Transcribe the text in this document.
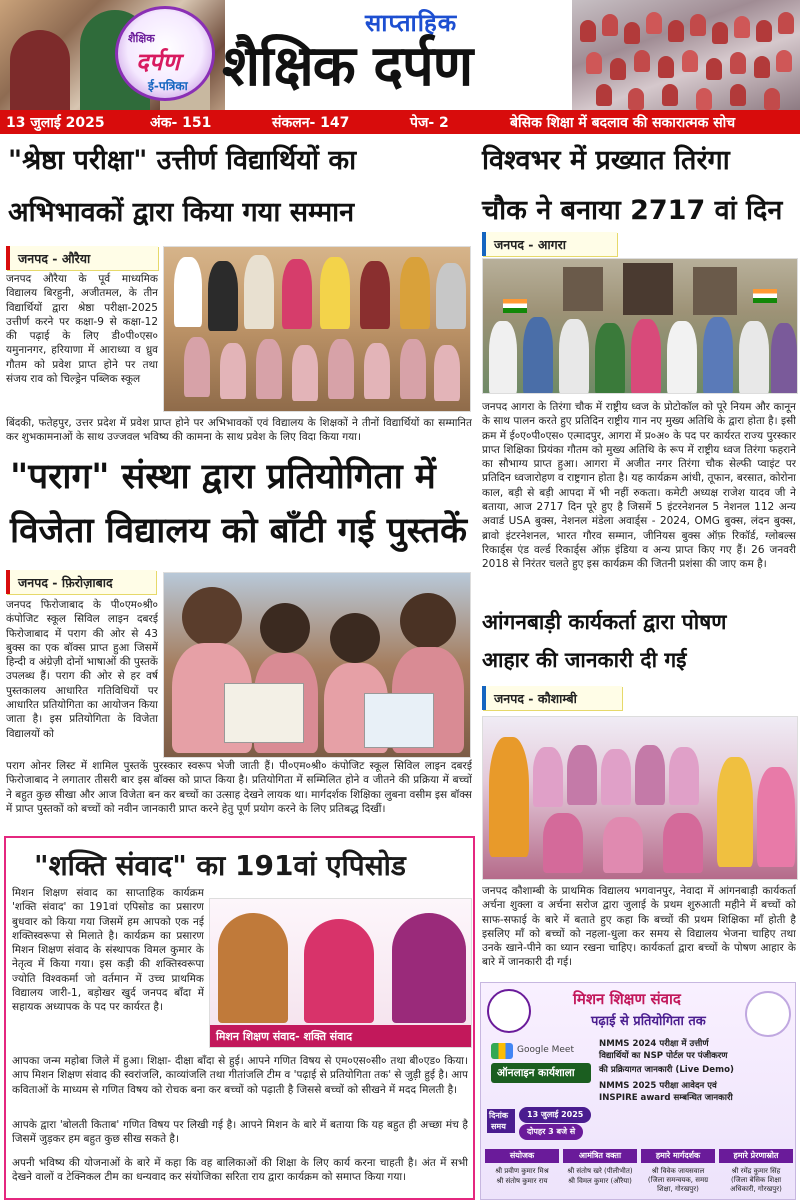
शैक्षिक
दर्पण
ई-पत्रिका
साप्ताहिक
शैक्षिक दर्पण
13 जुलाई 2025	अंक- 151	संकलन- 147	पेज- 2	बेसिक शिक्षा में बदलाव की सकारात्मक सोच
"श्रेष्ठा परीक्षा" उत्तीर्ण विद्यार्थियों का
अभिभावकों द्वारा किया गया सम्मान
जनपद - औरैया
जनपद औरैया के पूर्व माध्यमिक विद्यालय बिरहुनी, अजीतमल, के तीन विद्यार्थियों द्वारा श्रेष्ठा परीक्षा-2025 उत्तीर्ण करने पर कक्षा-9 से कक्षा-12 की पढ़ाई के लिए डी०पी०एस० यमुनानगर, हरियाणा में आराध्या व ध्रुव गौतम को प्रवेश प्राप्त होने पर तथा संजय राव को चिल्ड्रेन पब्लिक स्कूल
बिंदकी, फतेहपुर, उत्तर प्रदेश में प्रवेश प्राप्त होने पर अभिभावकों एवं विद्यालय के शिक्षकों ने तीनों विद्यार्थियों का सम्मानित कर शुभकामनाओं के साथ उज्जवल भविष्य की कामना के साथ प्रवेश के लिए विदा किया गया।
"पराग" संस्था द्वारा प्रतियोगिता में
विजेता विद्यालय को बाँटी गई पुस्तकें
जनपद - फ़िरोज़ाबाद
जनपद फिरोजाबाद के पी०एम०श्री० कंपोजिट स्कूल सिविल लाइन दबरई फिरोजाबाद में पराग की ओर से 43 बुक्स का एक बॉक्स प्राप्त हुआ जिसमें हिन्दी व अंग्रेज़ी दोनों भाषाओं की पुस्तकें उपलब्ध हैं। पराग की ओर से हर वर्ष पुस्तकालय आधारित गतिविधियों पर आधारित प्रतियोगिता का आयोजन किया जाता है। इस प्रतियोगिता के विजेता विद्यालयों को
पराग ओनर लिस्ट में शामिल पुस्तकें पुरस्कार स्वरूप भेजी जाती हैं। पी०एम०श्री० कंपोजिट स्कूल सिविल लाइन दबरई फिरोजाबाद ने लगातार तीसरी बार इस बॉक्स को प्राप्त किया है। प्रतियोगिता में सम्मिलित होने व जीतने की प्रक्रिया में बच्चों ने बहुत कुछ सीखा और आज विजेता बन कर बच्चों का उत्साह देखने लायक था। मार्गदर्शक शिक्षिका लुबना वसीम इस बॉक्स में प्राप्त पुस्तकों को बच्चों को नवीन जानकारी प्राप्त करने हेतु पूर्ण प्रयोग करने के लिए प्रतिबद्ध दिखीं।
विश्वभर में प्रख्यात तिरंगा
चौक ने बनाया 2717 वां दिन
जनपद - आगरा
जनपद आगरा के तिरंगा चौक में राष्ट्रीय ध्वज के प्रोटोकॉल को पूरे नियम और कानून के साथ पालन करते हुए प्रतिदिन राष्ट्रीय गान नए मुख्य अतिथि के द्वारा होता है। इसी क्रम में ई०ए०पी०एस० एत्मादपुर, आगरा में प्र०अ० के पद पर कार्यरत राज्य पुरस्कार प्राप्त शिक्षिका प्रियंका गौतम को मुख्य अतिथि के रूप में राष्ट्रीय ध्वज तिरंगा फहराने का सौभाग्य प्राप्त हुआ। आगरा में अजीत नगर तिरंगा चौक सेल्फी प्वाइंट पर प्रतिदिन ध्वजारोहण व राष्ट्रगान होता है। यह कार्यक्रम आंधी, तूफान, बरसात, कोरोना काल, बड़ी से बड़ी आपदा में भी नहीं रुकता। कमेटी अध्यक्ष राजेश यादव जी ने बताया, आज 2717 दिन पूरे हुए है जिसमें 5 इंटरनेशनल 5 नेशनल 112 अन्य अवार्ड USA बुक्स, नेशनल मंडेला अवार्ड्स - 2024, OMG बुक्स, लंदन बुक्स, ब्रावो इंटरनेशनल, भारत गौरव सम्मान, जीनियस बुक्स ऑफ़ रिकॉर्ड, ग्लोबल्स रिकार्ड्स एंड वर्ल्ड रिकार्ड्स ऑफ़ इंडिया व अन्य प्राप्त किए गए हैं। 26 जनवरी 2018 से निरंतर चलते हुए इस कार्यक्रम की जितनी प्रशंसा की जाए कम है।
आंगनबाड़ी कार्यकर्ता द्वारा पोषण
आहार की जानकारी दी गई
जनपद - कौशाम्बी
जनपद कौशाम्बी के प्राथमिक विद्यालय भगवानपुर, नेवादा में आंगनबाड़ी कार्यकर्ता अर्चना शुक्ला व अर्चना सरोज द्वारा जुलाई के प्रथम शुरुआती महीने में बच्चों को साफ-सफाई के बारे में बताते हुए कहा कि बच्चों की प्रथम शिक्षिका माँ होती है इसलिए माँ को बच्चों को नहला-धुला कर समय से विद्यालय भेजना चाहिए तथा उनके खाने-पीने का ध्यान रखना चाहिए। कार्यकर्ता द्वारा बच्चों के पोषण आहार के बारे में जानकारी दी गई।
"शक्ति संवाद" का 191वां एपिसोड
मिशन शिक्षण संवाद का साप्ताहिक कार्यक्रम 'शक्ति संवाद' का 191वां एपिसोड का प्रसारण बुधवार को किया गया जिसमें हम आपको एक नई शक्तिस्वरूपा से मिलाते है। कार्यक्रम का प्रसारण मिशन शिक्षण संवाद के संस्थापक विमल कुमार के नेतृत्व में किया गया। इस कड़ी की शक्तिस्वरूपा ज्योति विश्वकर्मा जो वर्तमान में उच्च प्राथमिक विद्यालय जारी-1, बड़ोखर खुर्द जनपद बाँदा में सहायक अध्यापक के पद पर कार्यरत है।
मिशन शिक्षण संवाद- शक्ति संवाद
आपका जन्म महोबा जिले में हुआ। शिक्षा- दीक्षा बाँदा से हुई। आपने गणित विषय से एम०एस०सी० तथा बी०एड० किया। आप मिशन शिक्षण संवाद की स्वरांजलि, काव्यांजलि तथा गीतांजलि टीम व 'पढ़ाई से प्रतियोगिता तक' से जुड़ी हुई है। आप कविताओं के माध्यम से गणित विषय को रोचक बना कर बच्चों को पढ़ाती है जिससे बच्चों को सीखने में मदद मिलती है।
आपके द्वारा 'बोलती किताब' गणित विषय पर लिखी गई है। आपने मिशन के बारे में बताया कि यह बहुत ही अच्छा मंच है जिसमें जुड़कर हम बहुत कुछ सीख सकते है।
अपनी भविष्य की योजनाओं के बारे में कहा कि वह बालिकाओं की शिक्षा के लिए कार्य करना चाहती है। अंत में सभी देखने वालों व टेक्निकल टीम का धन्यवाद कर संयोजिका सरिता राय द्वारा कार्यक्रम को समाप्त किया गया।
मिशन शिक्षण संवाद
पढ़ाई से प्रतियोगिता तक
Google Meet
ऑनलाइन कार्यशाला
NMMS 2024 परीक्षा में उत्तीर्ण
विद्यार्थियों का NSP पोर्टल पर पंजीकरण
की प्रक्रियागत जानकारी (Live Demo)
NMMS 2025 परीक्षा आवेदन एवं
INSPIRE award सम्बन्धित जानकारी
दिनांक
समय
13 जुलाई 2025
दोपहर 3 बजे से
संयोजक
श्री प्रवीण कुमार मिश्र
श्री संतोष कुमार राय
आमंत्रित वक्ता
श्री संतोष खरे (पीलीभीत)
श्री विमल कुमार (औरैया)
हमारे मार्गदर्शक
श्री विवेक जायसवाल
(जिला समन्वयक, समग्र
शिक्षा, गोरखपुर)
हमारे प्रेरणास्रोत
श्री रमेंद्र कुमार सिंह
(जिला बेसिक शिक्षा
अधिकारी, गोरखपुर)
